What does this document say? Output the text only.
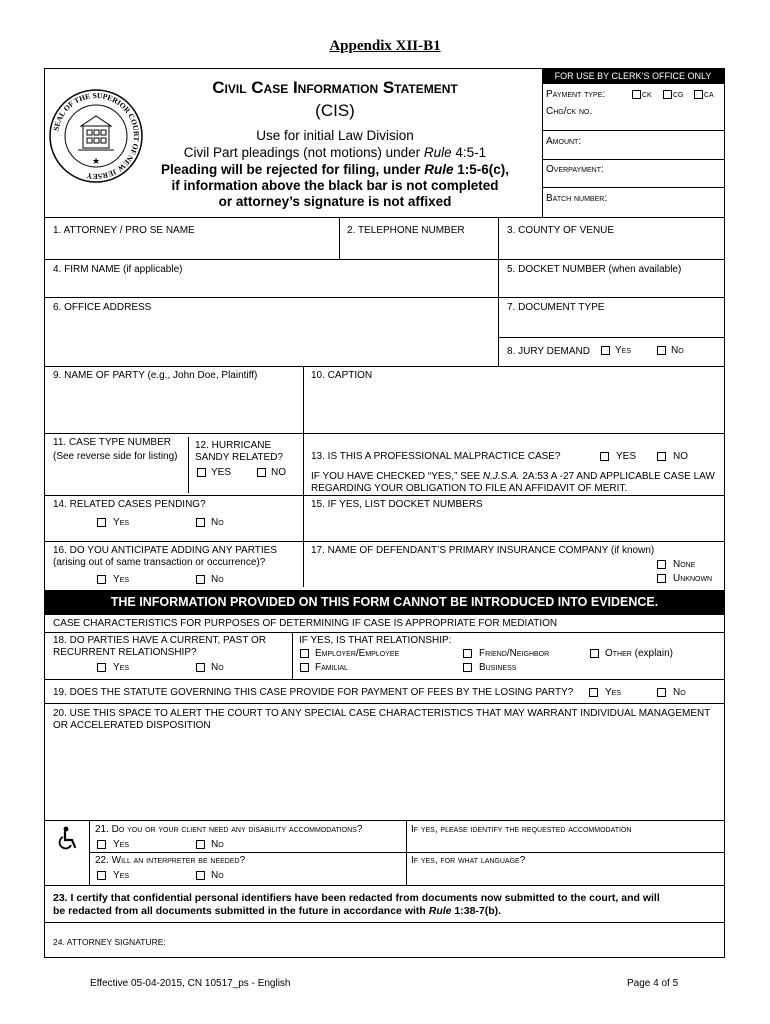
Appendix XII-B1
SEAL OF THE SUPERIOR COURT OF NEW JERSEY
★
Civil Case Information Statement
(CIS)
Use for initial Law Division
Civil Part pleadings (not motions) under Rule 4:5-1
Pleading will be rejected for filing, under Rule 1:5-6(c),
if information above the black bar is not completed
or attorney’s signature is not affixed
FOR USE BY CLERK’S OFFICE ONLY
Payment type:	ck cg ca
Chg/ck no.
Amount:
Overpayment:
Batch number:
1. ATTORNEY / PRO SE NAME	2. TELEPHONE NUMBER	3. COUNTY OF VENUE
4. FIRM NAME (if applicable)	5. DOCKET NUMBER (when available)
6. OFFICE ADDRESS	7. DOCUMENT TYPE
8. JURY DEMAND	Yes	No
9. NAME OF PARTY (e.g., John Doe, Plaintiff)	10. CAPTION
11. CASE TYPE NUMBER
(See reverse side for listing)
12. HURRICANE
SANDY RELATED?
YES	NO
13. IS THIS A PROFESSIONAL MALPRACTICE CASE?	YES	NO
IF YOU HAVE CHECKED “YES,” SEE N.J.S.A. 2A:53 A -27 AND APPLICABLE CASE LAW
REGARDING YOUR OBLIGATION TO FILE AN AFFIDAVIT OF MERIT.
14. RELATED CASES PENDING?
Yes	No
15. IF YES, LIST DOCKET NUMBERS
16. DO YOU ANTICIPATE ADDING ANY PARTIES
(arising out of same transaction or occurrence)?
Yes	No
17. NAME OF DEFENDANT’S PRIMARY INSURANCE COMPANY (if known)
None
Unknown
THE INFORMATION PROVIDED ON THIS FORM CANNOT BE INTRODUCED INTO EVIDENCE.
CASE CHARACTERISTICS FOR PURPOSES OF DETERMINING IF CASE IS APPROPRIATE FOR MEDIATION
18. DO PARTIES HAVE A CURRENT, PAST OR
RECURRENT RELATIONSHIP?
Yes	No
IF YES, IS THAT RELATIONSHIP:
Employer/Employee
Familial
Friend/Neighbor
Business
Other (explain)
19. DOES THE STATUTE GOVERNING THIS CASE PROVIDE FOR PAYMENT OF FEES BY THE LOSING PARTY?	Yes	No
20. USE THIS SPACE TO ALERT THE COURT TO ANY SPECIAL CASE CHARACTERISTICS THAT MAY WARRANT INDIVIDUAL MANAGEMENT
OR ACCELERATED DISPOSITION
21. Do you or your client need any disability accommodations?
Yes	No
If yes, please identify the requested accommodation
22. Will an interpreter be needed?
Yes	No
If yes, for what language?
23. I certify that confidential personal identifiers have been redacted from documents now submitted to the court, and will
be redacted from all documents submitted in the future in accordance with Rule 1:38-7(b).
24. ATTORNEY SIGNATURE:
Effective 05-04-2015, CN 10517_ps - English	Page 4 of 5
